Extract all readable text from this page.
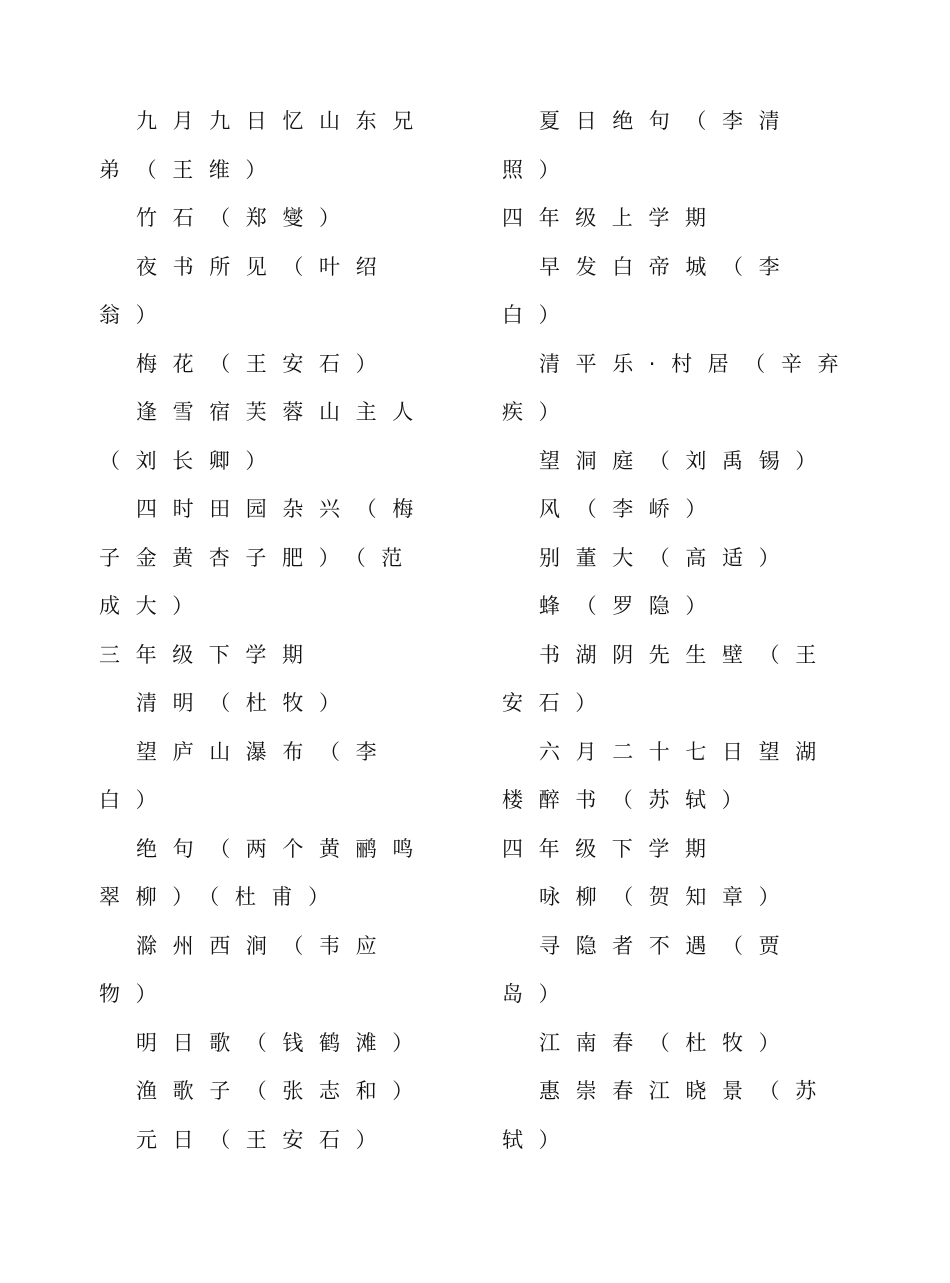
九月九日忆山东兄
弟（王维）
竹石（郑燮）
夜书所见（叶绍
翁）
梅花（王安石）
逢雪宿芙蓉山主人
（刘长卿）
四时田园杂兴（梅
子金黄杏子肥）（范
成大）
三年级下学期
清明（杜牧）
望庐山瀑布（李
白）
绝句（两个黄鹂鸣
翠柳）（杜甫）
滁州西涧（韦应
物）
明日歌（钱鹤滩）
渔歌子（张志和）
元日（王安石）
夏日绝句（李清
照）
四年级上学期
早发白帝城（李
白）
清平乐·村居（辛弃
疾）
望洞庭（刘禹锡）
风（李峤）
别董大（高适）
蜂（罗隐）
书湖阴先生壁（王
安石）
六月二十七日望湖
楼醉书（苏轼）
四年级下学期
咏柳（贺知章）
寻隐者不遇（贾
岛）
江南春（杜牧）
惠崇春江晓景（苏
轼）
